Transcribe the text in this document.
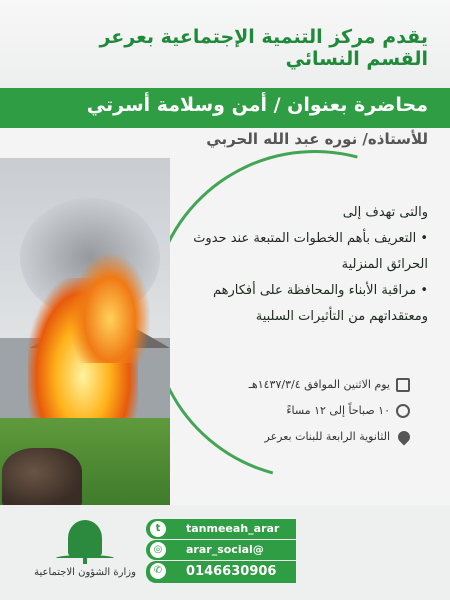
يقدم مركز التنمية الإجتماعية بعرعر
القسم النسائي
محاضرة بعنوان / أمن وسلامة أسرتي
للأستاذه/ نوره عبد الله الحربي
والتى تهدف إلى
• التعريف بأهم الخطوات المتبعة عند حدوث الحرائق المنزلية
• مراقبة الأبناء والمحافظة على أفكارهم ومعتقداتهم من التأثيرات السلبية
يوم الاثنين الموافق ١٤٣٧/٣/٤هـ
١٠ صباحاً إلى ١٢ مساءً
الثانوية الرابعة للبنات بعرعر
وزارة الشؤون الاجتماعية
t	tanmeeah_arar
◎	arar_social@
✆ 0146630906
